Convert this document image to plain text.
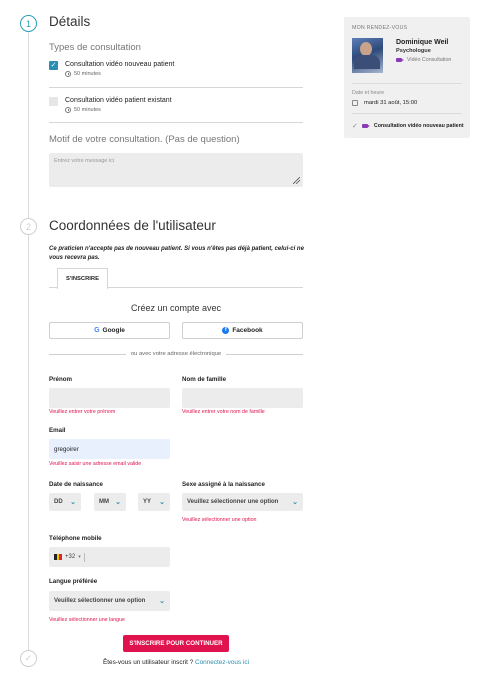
1
2
✓
Détails
Types de consultation
✓ Consultation vidéo nouveau patient
50 minutes
Consultation vidéo patient existant
50 minutes
Motif de votre consultation. (Pas de question)
Entrez votre message ici
Coordonnées de l'utilisateur
Ce praticien n'accepte pas de nouveau patient. Si vous n'êtes pas déjà patient, celui-ci ne vous recevra pas.
S'INSCRIRE
Créez un compte avec
G Google	f Facebook
ou avec votre adresse électronique
Prénom
Veuillez entrer votre prénom
Nom de famille
Veuillez entrer votre nom de famille
Email
gregoirer
Veuillez saisir une adresse email valide
Date de naissance
DD ⌄	MM ⌄	YY ⌄
Sexe assigné à la naissance
Veuillez sélectionner une option ⌄
Veuillez sélectionner une option
Téléphone mobile
+32 ▾
Langue préférée
Veuillez sélectionner une option ⌄
Veuillez sélectionner une langue
S'INSCRIRE POUR CONTINUER
Êtes-vous un utilisateur inscrit ? Connectez-vous ici
MON RENDEZ-VOUS
Dominique Weil
Psychologue
Vidéo Consultation
Date et heure
mardi 31 août, 15:00
✓	Consultation vidéo nouveau patient
